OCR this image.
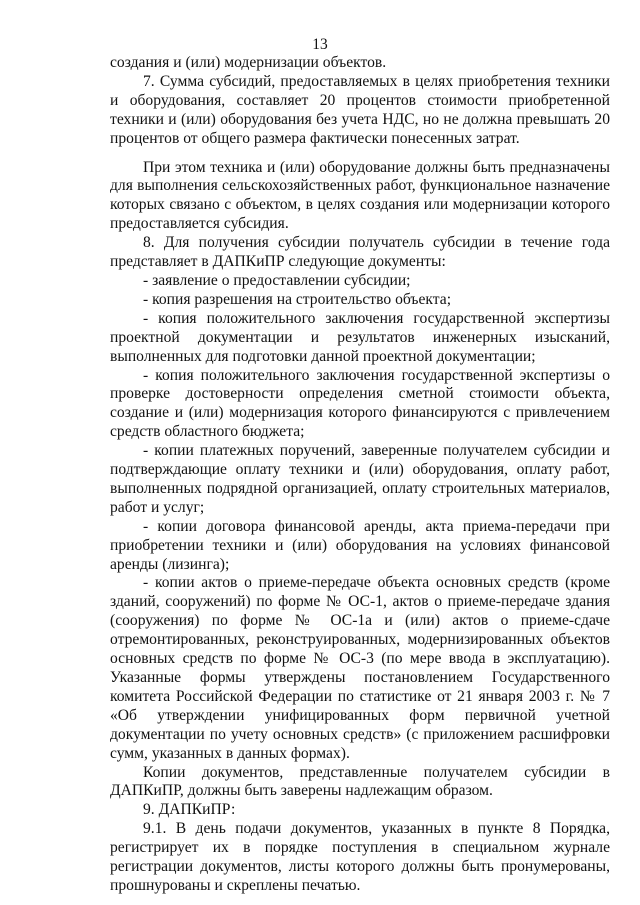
13

создания и (или) модернизации объектов.

7. Сумма субсидий, предоставляемых в целях приобретения техники и оборудования, составляет 20 процентов стоимости приобретенной техники и (или) оборудования без учета НДС, но не должна превышать 20 процентов от общего размера фактически понесенных затрат.

При этом техника и (или) оборудование должны быть предназначены для выполнения сельскохозяйственных работ, функциональное назначение которых связано с объектом, в целях создания или модернизации которого предоставляется субсидия.

8. Для получения субсидии получатель субсидии в течение года представляет в ДАПКиПР следующие документы:

- заявление о предоставлении субсидии;

- копия разрешения на строительство объекта;

- копия положительного заключения государственной экспертизы проектной документации и результатов инженерных изысканий, выполненных для подготовки данной проектной документации;

- копия положительного заключения государственной экспертизы о проверке достоверности определения сметной стоимости объекта, создание и (или) модернизация которого финансируются с привлечением средств областного бюджета;

- копии платежных поручений, заверенные получателем субсидии и подтверждающие оплату техники и (или) оборудования, оплату работ, выполненных подрядной организацией, оплату строительных материалов, работ и услуг;

- копии договора финансовой аренды, акта приема-передачи при приобретении техники и (или) оборудования на условиях финансовой аренды (лизинга);

- копии актов о приеме-передаче объекта основных средств (кроме зданий, сооружений) по форме № ОС-1, актов о приеме-передаче здания (сооружения) по форме № ОС-1а и (или) актов о приеме-сдаче отремонтированных, реконструированных, модернизированных объектов основных средств по форме № ОС-3 (по мере ввода в эксплуатацию). Указанные формы утверждены постановлением Государственного комитета Российской Федерации по статистике от 21 января 2003 г. № 7 «Об утверждении унифицированных форм первичной учетной документации по учету основных средств» (с приложением расшифровки сумм, указанных в данных формах).

Копии документов, представленные получателем субсидии в ДАПКиПР, должны быть заверены надлежащим образом.

9. ДАПКиПР:

9.1. В день подачи документов, указанных в пункте 8 Порядка, регистрирует их в порядке поступления в специальном журнале регистрации документов, листы которого должны быть пронумерованы, прошнурованы и скреплены печатью.
